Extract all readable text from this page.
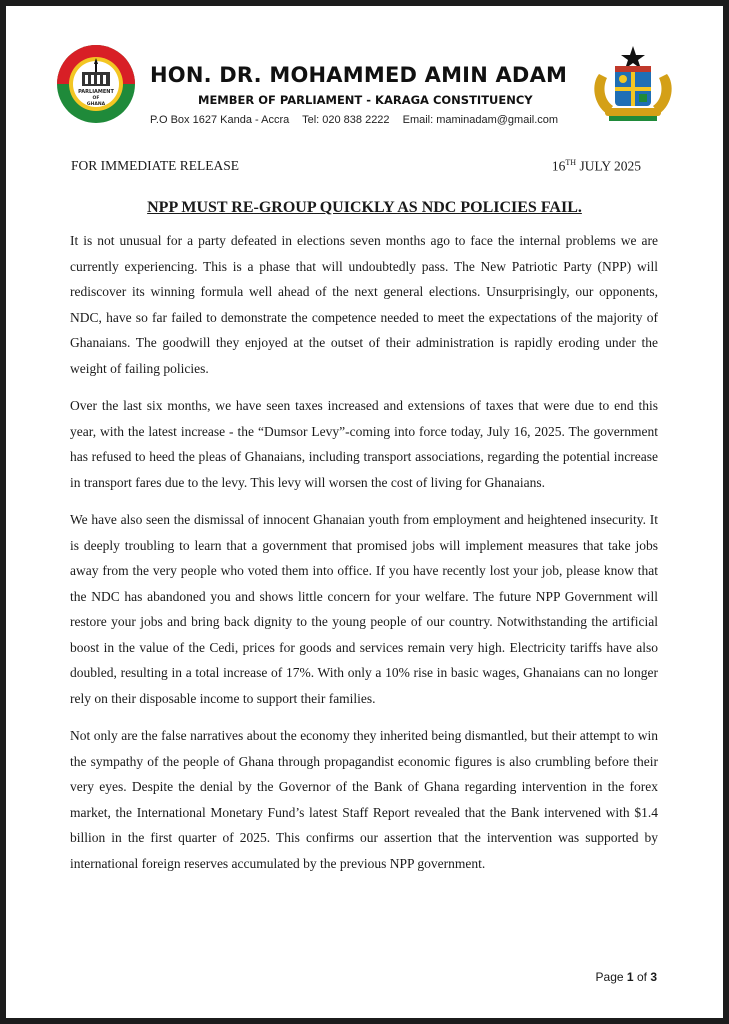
PARLIAMENT
OF
GHANA
HON. DR. MOHAMMED AMIN ADAM
MEMBER OF PARLIAMENT - KARAGA CONSTITUENCY
P.O Box 1627 Kanda - Accra Tel: 020 838 2222 Email: maminadam@gmail.com
FOR IMMEDIATE RELEASE	16TH JULY 2025
NPP MUST RE-GROUP QUICKLY AS NDC POLICIES FAIL.

It is not unusual for a party defeated in elections seven months ago to face the internal problems we are currently experiencing. This is a phase that will undoubtedly pass. The New Patriotic Party (NPP) will rediscover its winning formula well ahead of the next general elections. Unsurprisingly, our opponents, NDC, have so far failed to demonstrate the competence needed to meet the expectations of the majority of Ghanaians. The goodwill they enjoyed at the outset of their administration is rapidly eroding under the weight of failing policies.

Over the last six months, we have seen taxes increased and extensions of taxes that were due to end this year, with the latest increase - the “Dumsor Levy”-coming into force today, July 16, 2025. The government has refused to heed the pleas of Ghanaians, including transport associations, regarding the potential increase in transport fares due to the levy. This levy will worsen the cost of living for Ghanaians.

We have also seen the dismissal of innocent Ghanaian youth from employment and heightened insecurity. It is deeply troubling to learn that a government that promised jobs will implement measures that take jobs away from the very people who voted them into office. If you have recently lost your job, please know that the NDC has abandoned you and shows little concern for your welfare. The future NPP Government will restore your jobs and bring back dignity to the young people of our country. Notwithstanding the artificial boost in the value of the Cedi, prices for goods and services remain very high. Electricity tariffs have also doubled, resulting in a total increase of 17%. With only a 10% rise in basic wages, Ghanaians can no longer rely on their disposable income to support their families.

Not only are the false narratives about the economy they inherited being dismantled, but their attempt to win the sympathy of the people of Ghana through propagandist economic figures is also crumbling before their very eyes. Despite the denial by the Governor of the Bank of Ghana regarding intervention in the forex market, the International Monetary Fund’s latest Staff Report revealed that the Bank intervened with $1.4 billion in the first quarter of 2025. This confirms our assertion that the intervention was supported by international foreign reserves accumulated by the previous NPP government.

Page 1 of 3
